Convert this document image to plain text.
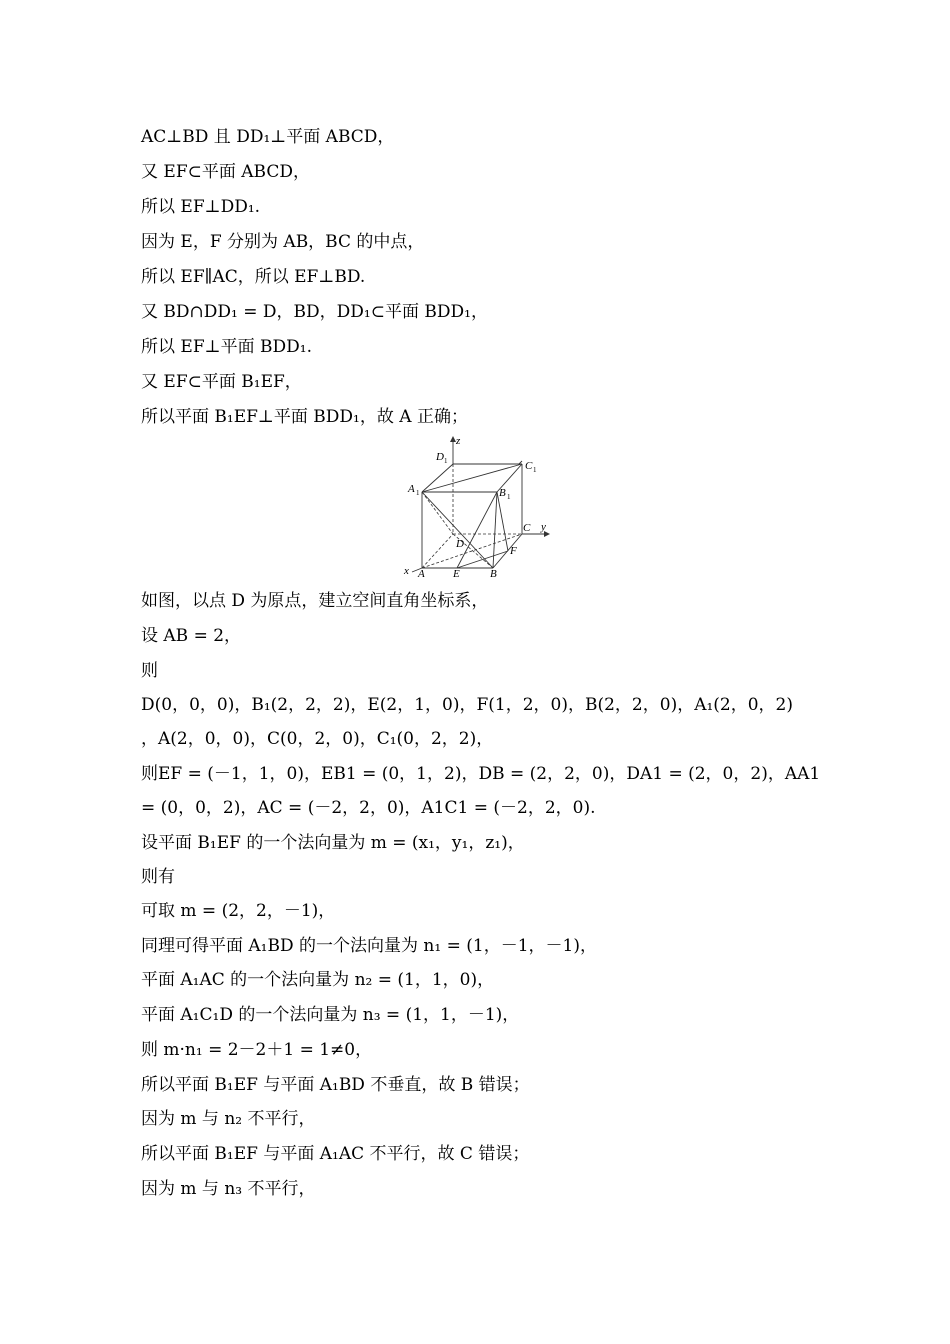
AC⊥BD 且 DD₁⊥平面 ABCD，
又 EF⊂平面 ABCD，
所以 EF⊥DD₁.
因为 E，F 分别为 AB，BC 的中点，
所以 EF∥AC，所以 EF⊥BD.
又 BD∩DD₁ = D，BD，DD₁⊂平面 BDD₁，
所以 EF⊥平面 BDD₁.
又 EF⊂平面 B₁EF，
所以平面 B₁EF⊥平面 BDD₁，故 A 正确；
z
y
x
D 1	C 1
A 1	B 1
C
D
F
A	E	B
如图，以点 D 为原点，建立空间直角坐标系，
设 AB = 2，
则
D(0，0，0)，B₁(2，2，2)，E(2，1，0)，F(1，2，0)，B(2，2，0)，A₁(2，0，2)
，A(2，0，0)，C(0，2，0)，C₁(0，2，2)，
则EF = (－1，1，0)，EB1 = (0，1，2)，DB = (2，2，0)，DA1 = (2，0，2)，AA1
= (0，0，2)，AC = (－2，2，0)，A1C1 = (－2，2，0).
设平面 B₁EF 的一个法向量为 m = (x₁，y₁，z₁)，
则有
可取 m = (2，2，－1)，
同理可得平面 A₁BD 的一个法向量为 n₁ = (1，－1，－1)，
平面 A₁AC 的一个法向量为 n₂ = (1，1，0)，
平面 A₁C₁D 的一个法向量为 n₃ = (1，1，－1)，
则 m·n₁ = 2－2＋1 = 1≠0，
所以平面 B₁EF 与平面 A₁BD 不垂直，故 B 错误；
因为 m 与 n₂ 不平行，
所以平面 B₁EF 与平面 A₁AC 不平行，故 C 错误；
因为 m 与 n₃ 不平行，
